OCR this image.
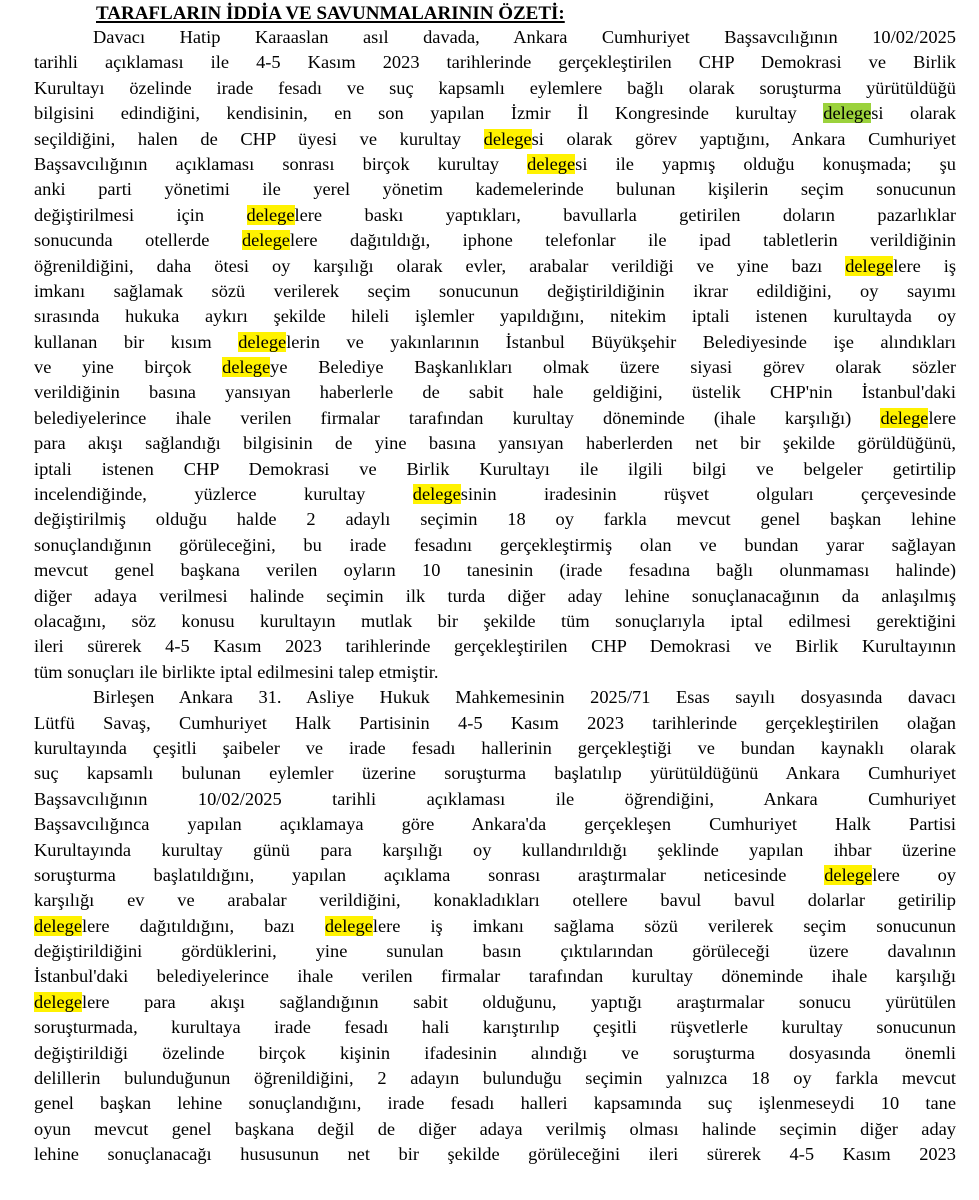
TARAFLARIN İDDİA VE SAVUNMALARININ ÖZETİ:
Davacı Hatip Karaaslan asıl davada, Ankara Cumhuriyet Başsavcılığının 10/02/2025
tarihli açıklaması ile 4-5 Kasım 2023 tarihlerinde gerçekleştirilen CHP Demokrasi ve Birlik
Kurultayı özelinde irade fesadı ve suç kapsamlı eylemlere bağlı olarak soruşturma yürütüldüğü
bilgisini edindiğini, kendisinin, en son yapılan İzmir İl Kongresinde kurultay delegesi olarak
seçildiğini, halen de CHP üyesi ve kurultay delegesi olarak görev yaptığını, Ankara Cumhuriyet
Başsavcılığının açıklaması sonrası birçok kurultay delegesi ile yapmış olduğu konuşmada; şu
anki parti yönetimi ile yerel yönetim kademelerinde bulunan kişilerin seçim sonucunun
değiştirilmesi için delegelere baskı yaptıkları, bavullarla getirilen doların pazarlıklar
sonucunda otellerde delegelere dağıtıldığı, iphone telefonlar ile ipad tabletlerin verildiğinin
öğrenildiğini, daha ötesi oy karşılığı olarak evler, arabalar verildiği ve yine bazı delegelere iş
imkanı sağlamak sözü verilerek seçim sonucunun değiştirildiğinin ikrar edildiğini, oy sayımı
sırasında hukuka aykırı şekilde hileli işlemler yapıldığını, nitekim iptali istenen kurultayda oy
kullanan bir kısım delegelerin ve yakınlarının İstanbul Büyükşehir Belediyesinde işe alındıkları
ve yine birçok delegeye Belediye Başkanlıkları olmak üzere siyasi görev olarak sözler
verildiğinin basına yansıyan haberlerle de sabit hale geldiğini, üstelik CHP'nin İstanbul'daki
belediyelerince ihale verilen firmalar tarafından kurultay döneminde (ihale karşılığı) delegelere
para akışı sağlandığı bilgisinin de yine basına yansıyan haberlerden net bir şekilde görüldüğünü,
iptali istenen CHP Demokrasi ve Birlik Kurultayı ile ilgili bilgi ve belgeler getirtilip
incelendiğinde, yüzlerce kurultay delegesinin iradesinin rüşvet olguları çerçevesinde
değiştirilmiş olduğu halde 2 adaylı seçimin 18 oy farkla mevcut genel başkan lehine
sonuçlandığının görüleceğini, bu irade fesadını gerçekleştirmiş olan ve bundan yarar sağlayan
mevcut genel başkana verilen oyların 10 tanesinin (irade fesadına bağlı olunmaması halinde)
diğer adaya verilmesi halinde seçimin ilk turda diğer aday lehine sonuçlanacağının da anlaşılmış
olacağını, söz konusu kurultayın mutlak bir şekilde tüm sonuçlarıyla iptal edilmesi gerektiğini
ileri sürerek 4-5 Kasım 2023 tarihlerinde gerçekleştirilen CHP Demokrasi ve Birlik Kurultayının
tüm sonuçları ile birlikte iptal edilmesini talep etmiştir.
Birleşen Ankara 31. Asliye Hukuk Mahkemesinin 2025/71 Esas sayılı dosyasında davacı
Lütfü Savaş, Cumhuriyet Halk Partisinin 4-5 Kasım 2023 tarihlerinde gerçekleştirilen olağan
kurultayında çeşitli şaibeler ve irade fesadı hallerinin gerçekleştiği ve bundan kaynaklı olarak
suç kapsamlı bulunan eylemler üzerine soruşturma başlatılıp yürütüldüğünü Ankara Cumhuriyet
Başsavcılığının 10/02/2025 tarihli açıklaması ile öğrendiğini, Ankara Cumhuriyet
Başsavcılığınca yapılan açıklamaya göre Ankara'da gerçekleşen Cumhuriyet Halk Partisi
Kurultayında kurultay günü para karşılığı oy kullandırıldığı şeklinde yapılan ihbar üzerine
soruşturma başlatıldığını, yapılan açıklama sonrası araştırmalar neticesinde delegelere oy
karşılığı ev ve arabalar verildiğini, konakladıkları otellere bavul bavul dolarlar getirilip
delegelere dağıtıldığını, bazı delegelere iş imkanı sağlama sözü verilerek seçim sonucunun
değiştirildiğini gördüklerini, yine sunulan basın çıktılarından görüleceği üzere davalının
İstanbul'daki belediyelerince ihale verilen firmalar tarafından kurultay döneminde ihale karşılığı
delegelere para akışı sağlandığının sabit olduğunu, yaptığı araştırmalar sonucu yürütülen
soruşturmada, kurultaya irade fesadı hali karıştırılıp çeşitli rüşvetlerle kurultay sonucunun
değiştirildiği özelinde birçok kişinin ifadesinin alındığı ve soruşturma dosyasında önemli
delillerin bulunduğunun öğrenildiğini, 2 adayın bulunduğu seçimin yalnızca 18 oy farkla mevcut
genel başkan lehine sonuçlandığını, irade fesadı halleri kapsamında suç işlenmeseydi 10 tane
oyun mevcut genel başkana değil de diğer adaya verilmiş olması halinde seçimin diğer aday
lehine sonuçlanacağı hususunun net bir şekilde görüleceğini ileri sürerek 4-5 Kasım 2023
